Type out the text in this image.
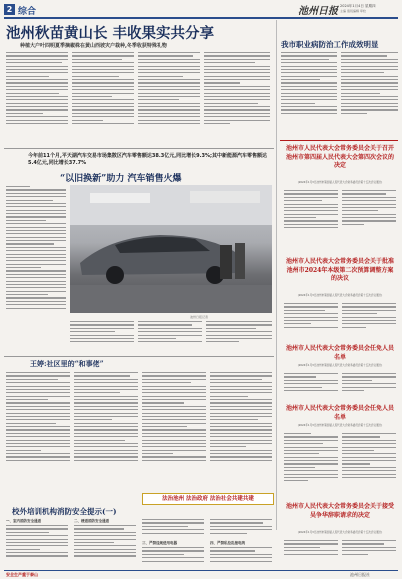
2 综合	池州日报 2024年1月4日 星期四
主编 值班编辑 审校
池州秋苗黄山长 丰收果实共分享
种植大户叶四明夏季摘椒株在黄山西坡灾户栽种,冬季收获特殊礼物	我市职业病防治工作成效明显
今年前11个月,平天湖汽车交易市场集散区汽车零售额达38.3亿元,同比增长9.3%;其中新能源汽车零售额达5.4亿元,同比增长37.7%
“以旧换新”助力 汽车销售火爆
池州日报记者
王婷:社区里的“和事佬”
法治池州 法治政府 法治社会共建共建
校外培训机构消防安全提示(一)
一、室内消防安全通道	二、楼道消防安全通道
三、严禁违规使用电器	四、严禁私拉乱接电线
池州市人民代表大会常务委员会关于召开池州市第四届人民代表大会第四次会议的决定
(2024年1月3日池州市第四届人民代表大会常务委员会第十五次会议通过)
池州市人民代表大会常务委员会关于批准池州市2024年本级第二次预算调整方案的决议
(2024年1月3日池州市第四届人民代表大会常务委员会第十五次会议通过)
池州市人民代表大会常务委员会任免人员名单
(2024年1月3日池州市第四届人民代表大会常务委员会第十五次会议通过)
池州市人民代表大会常务委员会任免人员名单
(2024年1月3日池州市第四届人民代表大会常务委员会第十五次会议通过)
池州市人民代表大会常务委员会关于接受吴争华辞职请求的决定
(2024年1月3日池州市第四届人民代表大会常务委员会第十五次会议通过)
安全生产重于泰山	池州日报社
